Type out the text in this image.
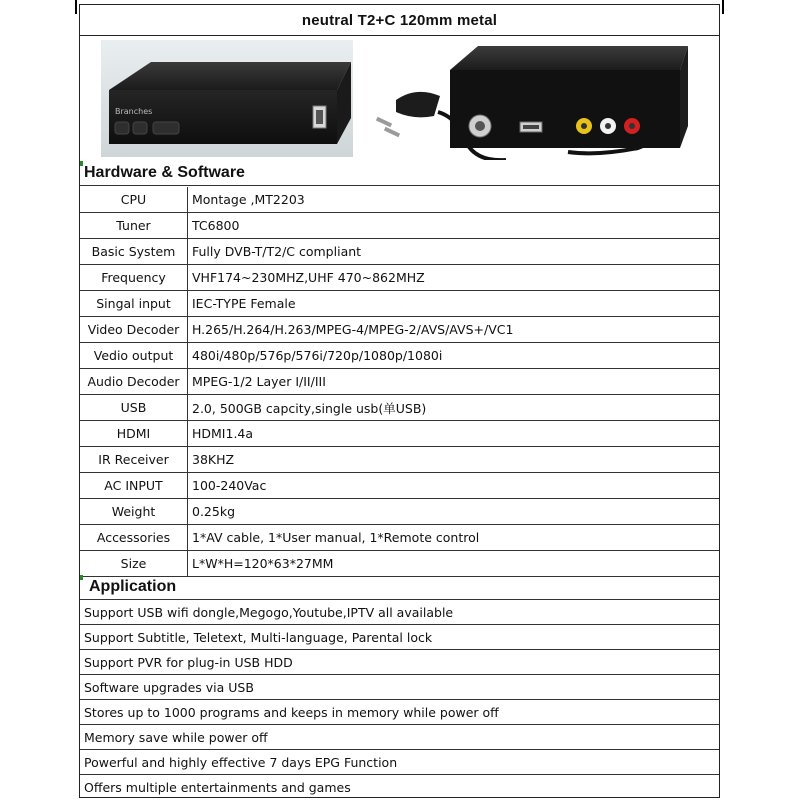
neutral T2+C 120mm metal
Branches
Hardware & Software
CPU	Montage ,MT2203
Tuner	TC6800
Basic System	Fully DVB-T/T2/C compliant
Frequency	VHF174~230MHZ,UHF 470~862MHZ
Singal input	IEC-TYPE Female
Video Decoder	H.265/H.264/H.263/MPEG-4/MPEG-2/AVS/AVS+/VC1
Vedio output	480i/480p/576p/576i/720p/1080p/1080i
Audio Decoder	MPEG-1/2 Layer I/II/III
USB	2.0, 500GB capcity,single usb(单USB)
HDMI	HDMI1.4a
IR Receiver	38KHZ
AC INPUT	100-240Vac
Weight	0.25kg
Accessories	1*AV cable, 1*User manual, 1*Remote control
Size	L*W*H=120*63*27MM
Application
Support USB wifi dongle,Megogo,Youtube,IPTV all available
Support Subtitle, Teletext, Multi-language, Parental lock
Support PVR for plug-in USB HDD
Software upgrades via USB
Stores up to 1000 programs and keeps in memory while power off
Memory save while power off
Powerful and highly effective 7 days EPG Function
Offers multiple entertainments and games
